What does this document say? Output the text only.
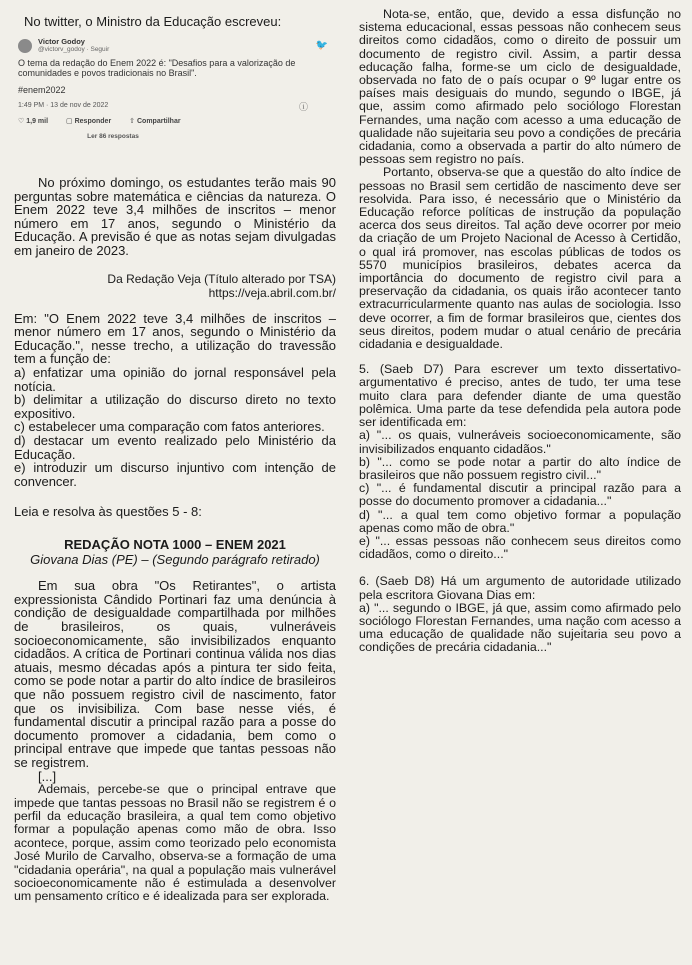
No twitter, o Ministro da Educação escreveu:

Victor Godoy
@victorv_godoy · Seguir	🐦
O tema da redação do Enem 2022 é: "Desafios para a valorização de comunidades e povos tradicionais no Brasil".
#enem2022
1:49 PM · 13 de nov de 2022	ⓘ
♡ 1,9 mil	▢ Responder	⇧ Compartilhar
Ler 86 respostas

No próximo domingo, os estudantes terão mais 90 perguntas sobre matemática e ciências da natureza. O Enem 2022 teve 3,4 milhões de inscritos – menor número em 17 anos, segundo o Ministério da Educação. A previsão é que as notas sejam divulgadas em janeiro de 2023.

Da Redação Veja (Título alterado por TSA)

https://veja.abril.com.br/

Em: "O Enem 2022 teve 3,4 milhões de inscritos – menor número em 17 anos, segundo o Ministério da Educação.", nesse trecho, a utilização do travessão tem a função de:

a) enfatizar uma opinião do jornal responsável pela notícia.

b) delimitar a utilização do discurso direto no texto expositivo.

c) estabelecer uma comparação com fatos anteriores.

d) destacar um evento realizado pelo Ministério da Educação.

e) introduzir um discurso injuntivo com intenção de convencer.

Leia e resolva às questões 5 - 8:

REDAÇÃO NOTA 1000 – ENEM 2021

Giovana Dias (PE) – (Segundo parágrafo retirado)

Em sua obra "Os Retirantes", o artista expressionista Cândido Portinari faz uma denúncia à condição de desigualdade compartilhada por milhões de brasileiros, os quais, vulneráveis socioeconomicamente, são invisibilizados enquanto cidadãos. A crítica de Portinari continua válida nos dias atuais, mesmo décadas após a pintura ter sido feita, como se pode notar a partir do alto índice de brasileiros que não possuem registro civil de nascimento, fator que os invisibiliza. Com base nesse viés, é fundamental discutir a principal razão para a posse do documento promover a cidadania, bem como o principal entrave que impede que tantas pessoas não se registrem.

[...]

Ademais, percebe-se que o principal entrave que impede que tantas pessoas no Brasil não se registrem é o perfil da educação brasileira, a qual tem como objetivo formar a população apenas como mão de obra. Isso acontece, porque, assim como teorizado pelo economista José Murilo de Carvalho, observa-se a formação de uma "cidadania operária", na qual a população mais vulnerável socioeconomicamente não é estimulada a desenvolver um pensamento crítico e é idealizada para ser explorada.

Nota-se, então, que, devido a essa disfunção no sistema educacional, essas pessoas não conhecem seus direitos como cidadãos, como o direito de possuir um documento de registro civil. Assim, a partir dessa educação falha, forme-se um ciclo de desigualdade, observada no fato de o país ocupar o 9º lugar entre os países mais desiguais do mundo, segundo o IBGE, já que, assim como afirmado pelo sociólogo Florestan Fernandes, uma nação com acesso a uma educação de qualidade não sujeitaria seu povo a condições de precária cidadania, como a observada a partir do alto número de pessoas sem registro no país.

Portanto, observa-se que a questão do alto índice de pessoas no Brasil sem certidão de nascimento deve ser resolvida. Para isso, é necessário que o Ministério da Educação reforce políticas de instrução da população acerca dos seus direitos. Tal ação deve ocorrer por meio da criação de um Projeto Nacional de Acesso à Certidão, o qual irá promover, nas escolas públicas de todos os 5570 municípios brasileiros, debates acerca da importância do documento de registro civil para a preservação da cidadania, os quais irão acontecer tanto extracurricularmente quanto nas aulas de sociologia. Isso deve ocorrer, a fim de formar brasileiros que, cientes dos seus direitos, podem mudar o atual cenário de precária cidadania e desigualdade.

5. (Saeb D7) Para escrever um texto dissertativo-argumentativo é preciso, antes de tudo, ter uma tese muito clara para defender diante de uma questão polêmica. Uma parte da tese defendida pela autora pode ser identificada em:

a) "... os quais, vulneráveis socioeconomicamente, são invisibilizados enquanto cidadãos."

b) "... como se pode notar a partir do alto índice de brasileiros que não possuem registro civil..."

c) "... é fundamental discutir a principal razão para a posse do documento promover a cidadania..."

d) "... a qual tem como objetivo formar a população apenas como mão de obra."

e) "... essas pessoas não conhecem seus direitos como cidadãos, como o direito..."

6. (Saeb D8) Há um argumento de autoridade utilizado pela escritora Giovana Dias em:

a) "... segundo o IBGE, já que, assim como afirmado pelo sociólogo Florestan Fernandes, uma nação com acesso a uma educação de qualidade não sujeitaria seu povo a condições de precária cidadania..."
